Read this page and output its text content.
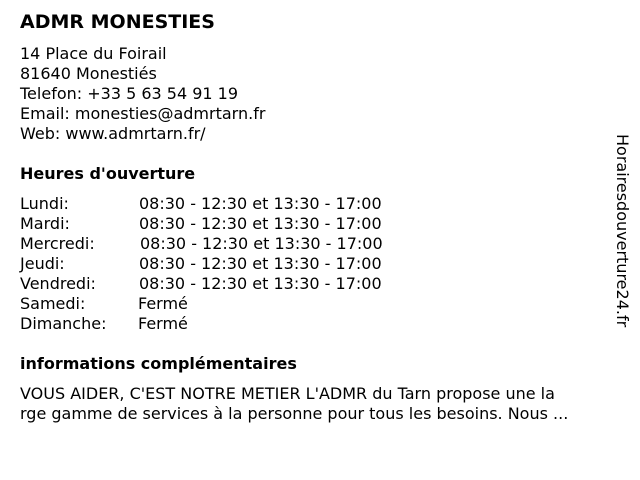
ADMR MONESTIES
14 Place du Foirail
81640 Monestiés
Telefon: +33 5 63 54 91 19
Email: monesties@admrtarn.fr
Web: www.admrtarn.fr/
Heures d'ouverture
Lundi:	08:30 - 12:30 et 13:30 - 17:00
Mardi:	08:30 - 12:30 et 13:30 - 17:00
Mercredi:	08:30 - 12:30 et 13:30 - 17:00
Jeudi:	08:30 - 12:30 et 13:30 - 17:00
Vendredi:	08:30 - 12:30 et 13:30 - 17:00
Samedi:	Fermé
Dimanche: Fermé
informations complémentaires
VOUS AIDER, C'EST NOTRE METIER L'ADMR du Tarn propose une la
rge gamme de services à la personne pour tous les besoins. Nous ...
Horairesdouverture24.fr
